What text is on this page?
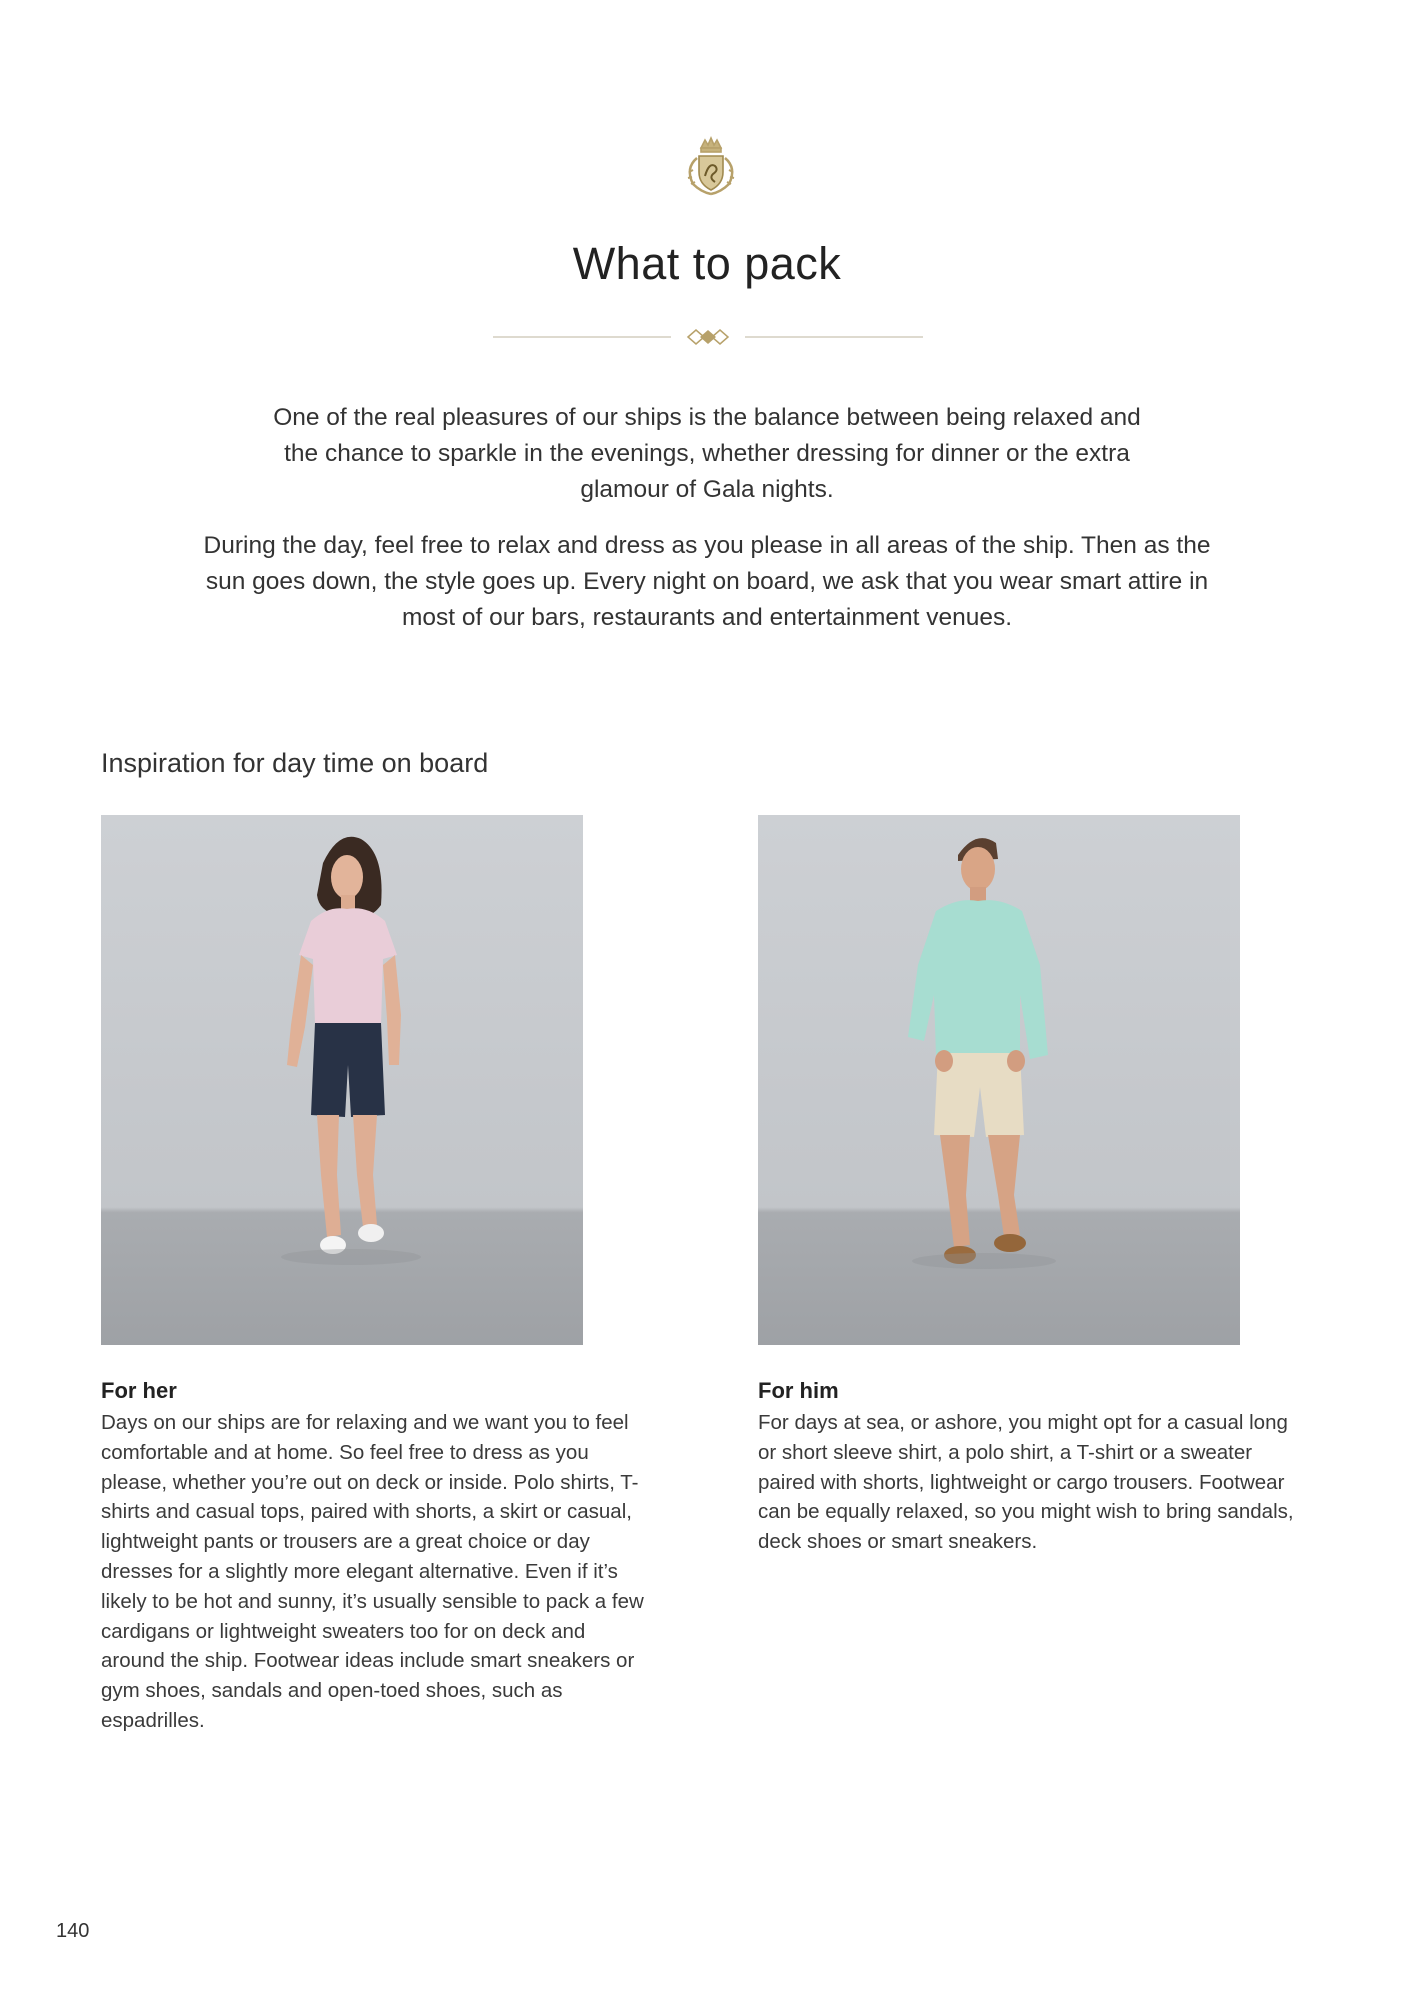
What to pack

One of the real pleasures of our ships is the balance between being relaxed and the chance to sparkle in the evenings, whether dressing for dinner or the extra glamour of Gala nights.

During the day, feel free to relax and dress as you please in all areas of the ship. Then as the sun goes down, the style goes up. Every night on board, we ask that you wear smart attire in most of our bars, restaurants and entertainment venues.

Inspiration for day time on board
For her

Days on our ships are for relaxing and we want you to feel comfortable and at home. So feel free to dress as you please, whether you’re out on deck or inside. Polo shirts, T-shirts and casual tops, paired with shorts, a skirt or casual, lightweight pants or trousers are a great choice or day dresses for a slightly more elegant alternative. Even if it’s likely to be hot and sunny, it’s usually sensible to pack a few cardigans or lightweight sweaters too for on deck and around the ship. Footwear ideas include smart sneakers or gym shoes, sandals and open-toed shoes, such as espadrilles.

For him

For days at sea, or ashore, you might opt for a casual long or short sleeve shirt, a polo shirt, a T-shirt or a sweater paired with shorts, lightweight or cargo trousers. Footwear can be equally relaxed, so you might wish to bring sandals, deck shoes or smart sneakers.

140
